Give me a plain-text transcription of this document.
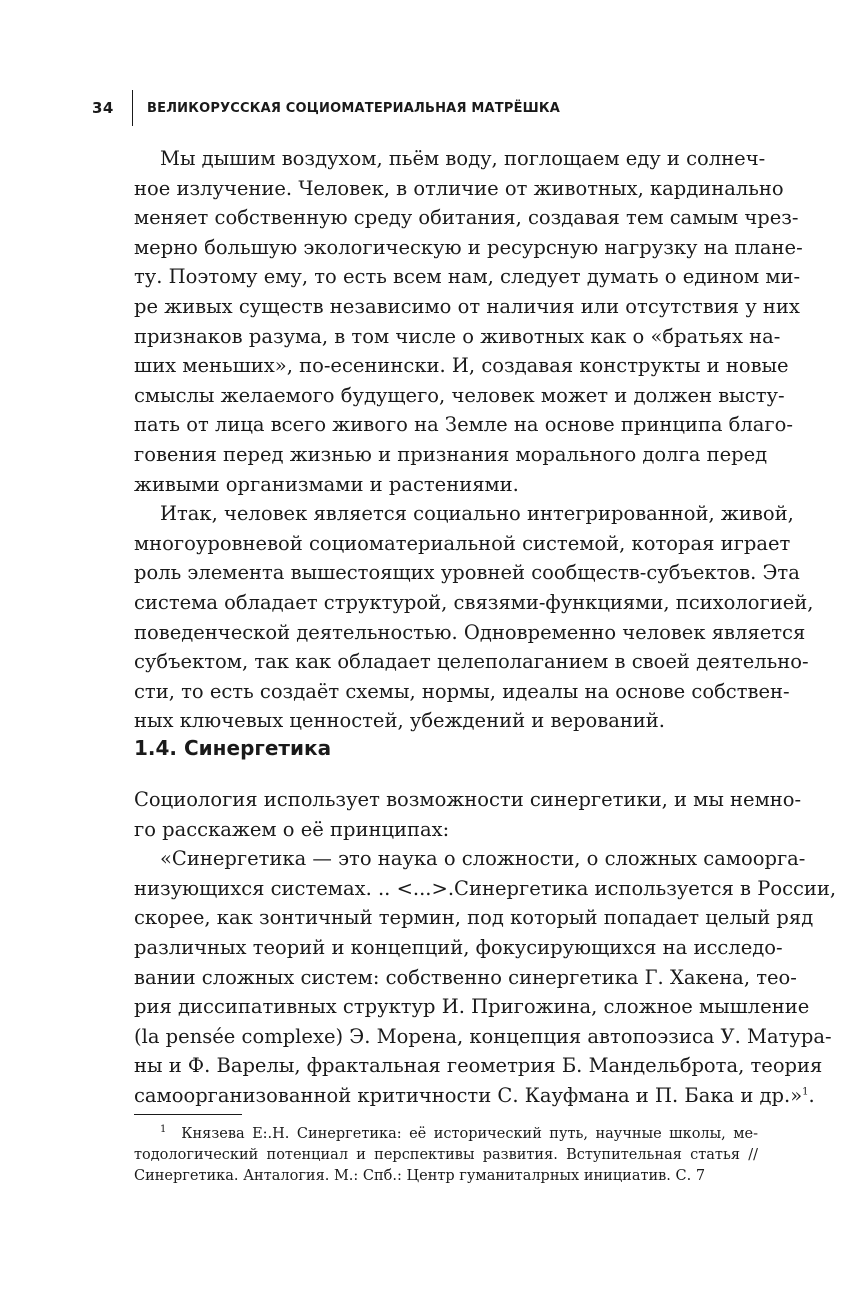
34	ВЕЛИКОРУССКАЯ СОЦИОМАТЕРИАЛЬНАЯ МАТРЁШКА
Мы дышим воздухом, пьём воду, поглощаем еду и солнеч-
ное излучение. Человек, в отличие от животных, кардинально
меняет собственную среду обитания, создавая тем самым чрез-
мерно большую экологическую и ресурсную нагрузку на плане-
ту. Поэтому ему, то есть всем нам, следует думать о едином ми-
ре живых существ независимо от наличия или отсутствия у них
признаков разума, в том числе о животных как о «братьях на-
ших меньших», по-есенински. И, создавая конструкты и новые
смыслы желаемого будущего, человек может и должен высту-
пать от лица всего живого на Земле на основе принципа благо-
говения перед жизнью и признания морального долга перед
живыми организмами и растениями.
Итак, человек является социально интегрированной, живой,
многоуровневой социоматериальной системой, которая играет
роль элемента вышестоящих уровней сообществ-субъектов. Эта
система обладает структурой, связями-функциями, психологией,
поведенческой деятельностью. Одновременно человек является
субъектом, так как обладает целеполаганием в своей деятельно-
сти, то есть создаёт схемы, нормы, идеалы на основе собствен-
ных ключевых ценностей, убеждений и верований.
1.4. Синергетика
Социология использует возможности синергетики, и мы немно-
го расскажем о её принципах:
«Синергетика — это наука о сложности, о сложных самоорга-
низующихся системах. .. <...>.Синергетика используется в России,
скорее, как зонтичный термин, под который попадает целый ряд
различных теорий и концепций, фокусирующихся на исследо-
вании сложных систем: собственно синергетика Г. Хакена, тео-
рия диссипативных структур И. Пригожина, сложное мышление
(la pensée complexe) Э. Морена, концепция автопоэзиса У. Матура-
ны и Ф. Варелы, фрактальная геометрия Б. Мандельброта, теория
самоорганизованной критичности С. Кауфмана и П. Бака и др.»$^1$.
$^1$ Князева Е:.Н. Синергетика: её исторический путь, научные школы, ме-
тодологический потенциал и перспективы развития. Вступительная статья //
Синергетика. Анталогия. М.: Спб.: Центр гуманиталрных инициатив. С. 7
